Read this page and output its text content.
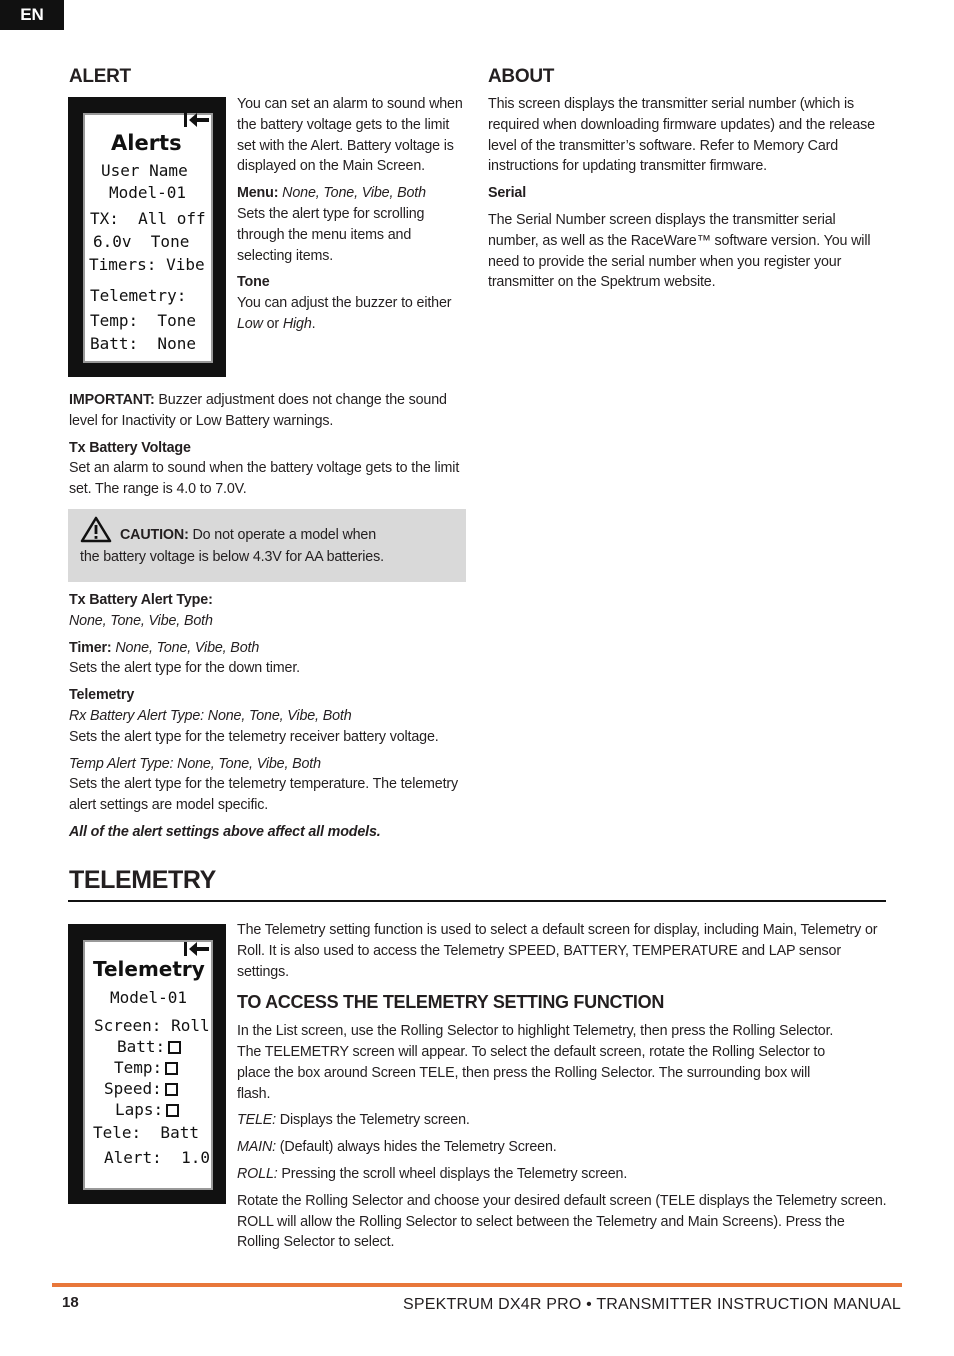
EN
ALERT
Alerts
User Name
Model-01
TX:  All off
6.0v  Tone
Timers: Vibe
Telemetry:
Temp:  Tone
Batt:  None

You can set an alarm to sound when the battery voltage gets to the limit set with the Alert. Battery voltage is displayed on the Main Screen.

Menu: None, Tone, Vibe, Both
Sets the alert type for scrolling through the menu items and selecting items.

Tone
You can adjust the buzzer to either Low or High.

IMPORTANT: Buzzer adjustment does not change the sound level for Inactivity or Low Battery warnings.

Tx Battery Voltage
Set an alarm to sound when the battery voltage gets to the limit set. The range is 4.0 to 7.0V.

CAUTION: Do not operate a model when
the battery voltage is below 4.3V for AA batteries.

Tx Battery Alert Type:
None, Tone, Vibe, Both

Timer: None, Tone, Vibe, Both
Sets the alert type for the down timer.

Telemetry
Rx Battery Alert Type: None, Tone, Vibe, Both
Sets the alert type for the telemetry receiver battery voltage.

Temp Alert Type: None, Tone, Vibe, Both
Sets the alert type for the telemetry temperature. The telemetry alert settings are model specific.

All of the alert settings above affect all models.

ABOUT

This screen displays the transmitter serial number (which is required when downloading firmware updates) and the release level of the transmitter’s software. Refer to Memory Card instructions for updating transmitter firmware.

Serial

The Serial Number screen displays the transmitter serial number, as well as the RaceWare™ software version. You will need to provide the serial number when you register your transmitter on the Spektrum website.

TELEMETRY
Telemetry
Model-01
Screen: Roll
Batt:
Temp:
Speed:
Laps:
Tele:  Batt
Alert:  1.0

The Telemetry setting function is used to select a default screen for display, including Main, Telemetry or Roll. It is also used to access the Telemetry SPEED, BATTERY, TEMPERATURE and LAP sensor settings.

TO ACCESS THE TELEMETRY SETTING FUNCTION

In the List screen, use the Rolling Selector to highlight Telemetry, then press the Rolling Selector. The TELEMETRY screen will appear. To select the default screen, rotate the Rolling Selector to place the box around Screen TELE, then press the Rolling Selector. The surrounding box will flash.

TELE: Displays the Telemetry screen.

MAIN: (Default) always hides the Telemetry Screen.

ROLL: Pressing the scroll wheel displays the Telemetry screen.

Rotate the Rolling Selector and choose your desired default screen (TELE displays the Telemetry screen. ROLL will allow the Rolling Selector to select between the Telemetry and Main Screens). Press the Rolling Selector to select.

18	SPEKTRUM DX4R PRO • TRANSMITTER INSTRUCTION MANUAL
